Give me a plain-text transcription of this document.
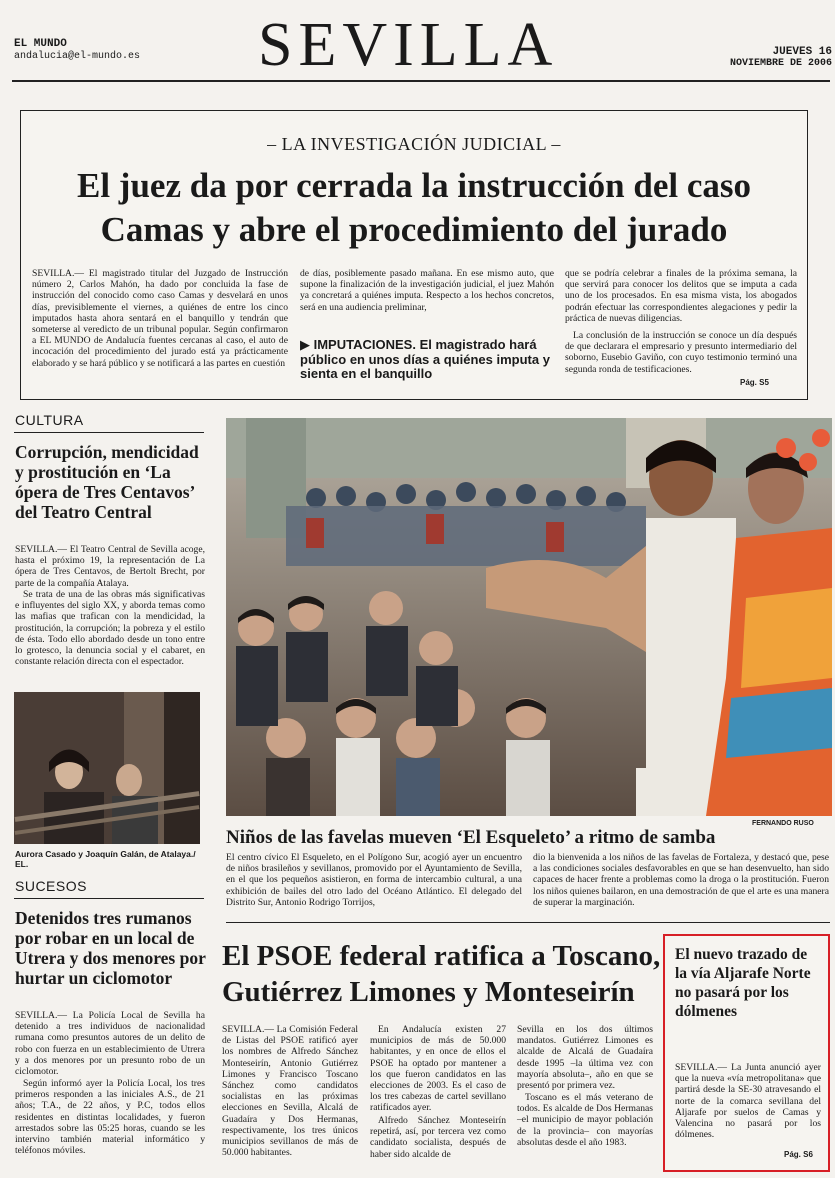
EL MUNDO
andalucia@el-mundo.es SEVILLA	JUEVES 16
NOVIEMBRE DE 2006
– LA INVESTIGACIÓN JUDICIAL –
El juez da por cerrada la instrucción del caso
Camas y abre el procedimiento del jurado
SEVILLA.— El magistrado titular del Juzgado de Instrucción número 2, Carlos Mahón, ha dado por concluida la fase de instrucción del conocido como caso Camas y desvelará en unos días, previsiblemente el viernes, a quiénes de entre los cinco imputados hasta ahora sentará en el banquillo y tendrán que someterse al veredicto de un tribunal popular. Según confirmaron a EL MUNDO de Andalucía fuentes cercanas al caso, el auto de incocación del procedimiento del jurado está ya prácticamente elaborado y se hará público y se notificará a las partes en cuestión
de días, posiblemente pasado mañana. En ese mismo auto, que supone la finalización de la investigación judicial, el juez Mahón ya concretará a quiénes imputa. Respecto a los hechos concretos, será en una audiencia preliminar,
▶ IMPUTACIONES. El magistrado hará público en unos días a quiénes imputa y sienta en el banquillo
que se podría celebrar a finales de la próxima semana, la que servirá para conocer los delitos que se imputa a cada uno de los procesados. En esa misma vista, los abogados podrán efectuar las correspondientes alegaciones y pedir la práctica de nuevas diligencias.
La conclusión de la instrucción se conoce un día después de que declarara el empresario y presunto intermediario del soborno, Eusebio Gaviño, con cuyo testimonio terminó una segunda ronda de testificaciones.
Pág. S5
CULTURA
Corrupción, mendicidad y prostitución en ‘La ópera de Tres Centavos’ del Teatro Central
SEVILLA.— El Teatro Central de Sevilla acoge, hasta el próximo 19, la representación de La ópera de Tres Centavos, de Bertolt Brecht, por parte de la compañía Atalaya.
Se trata de una de las obras más significativas e influyentes del siglo XX, y aborda temas como las mafias que trafican con la mendicidad, la prostitución, la corrupción; la pobreza y el estilo de ésta. Todo ello abordado desde un tono entre lo grotesco, la denuncia social y el cabaret, en constante relación directa con el espectador.
Aurora Casado y Joaquín Galán, de Atalaya./ EL.
SUCESOS
Detenidos tres rumanos por robar en un local de Utrera y dos menores por hurtar un ciclomotor
SEVILLA.— La Policía Local de Sevilla ha detenido a tres individuos de nacionalidad rumana como presuntos autores de un delito de robo con fuerza en un establecimiento de Utrera y a dos menores por un presunto robo de un ciclomotor.
Según informó ayer la Policía Local, los tres primeros responden a las iniciales A.S., de 21 años; T.A., de 22 años, y P.C, todos ellos residentes en distintas localidades, y fueron arrestados sobre las 05:25 horas, cuando se les intervino también material informático y teléfonos móviles.
FERNANDO RUSO
Niños de las favelas mueven ‘El Esqueleto’ a ritmo de samba
El centro cívico El Esqueleto, en el Polígono Sur, acogió ayer un encuentro de niños brasileños y sevillanos, promovido por el Ayuntamiento de Sevilla, en el que los pequeños asistieron, en forma de intercambio cultural, a una exhibición de bailes del otro lado del Océano Atlántico. El delegado del Distrito Sur, Antonio Rodrigo Torrijos,
dio la bienvenida a los niños de las favelas de Fortaleza, y destacó que, pese a las condiciones sociales desfavorables en que se han desenvuelto, han sido capaces de hacer frente a problemas como la droga o la prostitución. Fueron los niños quienes bailaron, en una demostración de que el arte es una manera de superar la marginación.
El PSOE federal ratifica a Toscano,
Gutiérrez Limones y Monteseirín
SEVILLA.— La Comisión Federal de Listas del PSOE ratificó ayer los nombres de Alfredo Sánchez Monteseirín, Antonio Gutiérrez Limones y Francisco Toscano Sánchez como candidatos socialistas en las próximas elecciones en Sevilla, Alcalá de Guadaíra y Dos Hermanas, respectivamente, los tres únicos municipios sevillanos de más de 50.000 habitantes.
En Andalucía existen 27 municipios de más de 50.000 habitantes, y en once de ellos el PSOE ha optado por mantener a los que fueron candidatos en las elecciones de 2003. Es el caso de los tres cabezas de cartel sevillano ratificados ayer.
Alfredo Sánchez Monteseirín repetirá, así, por tercera vez como candidato socialista, después de haber sido alcalde de
Sevilla en los dos últimos mandatos. Gutiérrez Limones es alcalde de Alcalá de Guadaíra desde 1995 –la última vez con mayoría absoluta–, año en que se presentó por primera vez.
Toscano es el más veterano de todos. Es alcalde de Dos Hermanas –el municipio de mayor población de la provincia– con mayorías absolutas desde el año 1983.
El nuevo trazado de la vía Aljarafe Norte no pasará por los dólmenes
SEVILLA.— La Junta anunció ayer que la nueva «vía metropolitana» que partirá desde la SE-30 atravesando el norte de la comarca sevillana del Aljarafe por suelos de Camas y Valencina no pasará por los dólmenes.
Pág. S6
